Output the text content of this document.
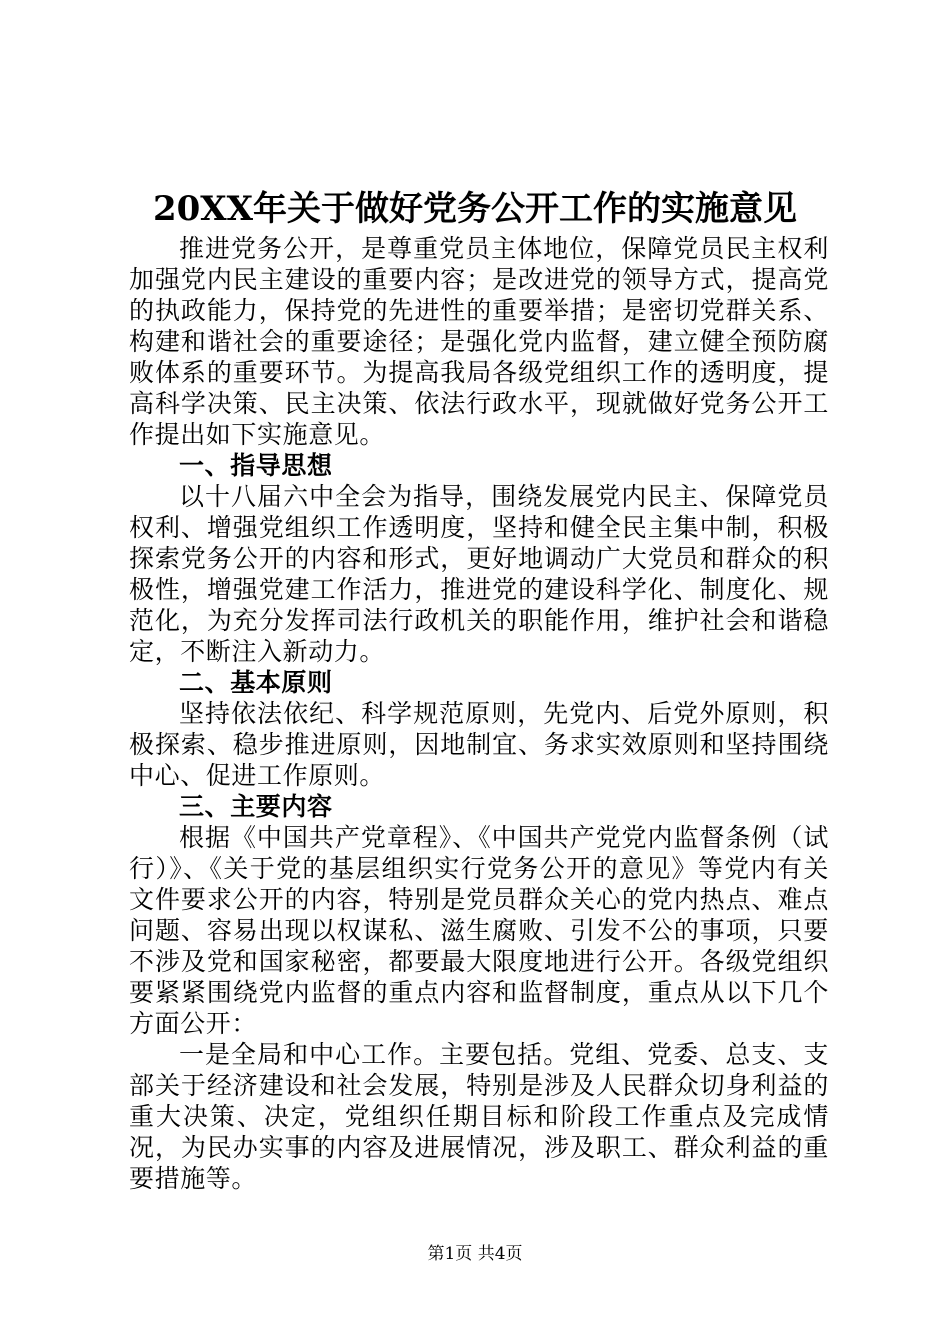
20XX年关于做好党务公开工作的实施意见

推进党务公开，是尊重党员主体地位，保障党员民主权利加强党内民主建设的重要内容；是改进党的领导方式，提高党的执政能力，保持党的先进性的重要举措；是密切党群关系、构建和谐社会的重要途径；是强化党内监督，建立健全预防腐败体系的重要环节。为提高我局各级党组织工作的透明度，提高科学决策、民主决策、依法行政水平，现就做好党务公开工作提出如下实施意见。

一、指导思想

以十八届六中全会为指导，围绕发展党内民主、保障党员权利、增强党组织工作透明度，坚持和健全民主集中制，积极探索党务公开的内容和形式，更好地调动广大党员和群众的积极性，增强党建工作活力，推进党的建设科学化、制度化、规范化，为充分发挥司法行政机关的职能作用，维护社会和谐稳定，不断注入新动力。

二、基本原则

坚持依法依纪、科学规范原则，先党内、后党外原则，积极探索、稳步推进原则，因地制宜、务求实效原则和坚持围绕中心、促进工作原则。

三、主要内容

根据《中国共产党章程》、《中国共产党党内监督条例（试行）》、《关于党的基层组织实行党务公开的意见》等党内有关文件要求公开的内容，特别是党员群众关心的党内热点、难点问题、容易出现以权谋私、滋生腐败、引发不公的事项，只要不涉及党和国家秘密，都要最大限度地进行公开。各级党组织要紧紧围绕党内监督的重点内容和监督制度，重点从以下几个方面公开：

一是全局和中心工作。主要包括。党组、党委、总支、支部关于经济建设和社会发展，特别是涉及人民群众切身利益的重大决策、决定，党组织任期目标和阶段工作重点及完成情况，为民办实事的内容及进展情况，涉及职工、群众利益的重要措施等。

第1页 共4页
